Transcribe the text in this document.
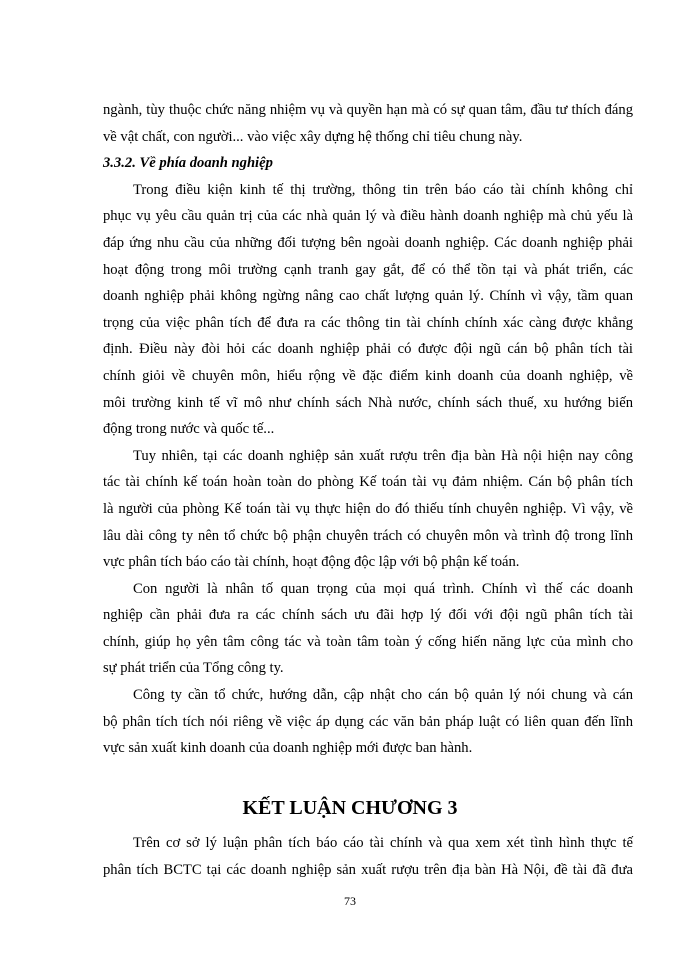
ngành, tùy thuộc chức năng nhiệm vụ và quyền hạn mà có sự quan tâm, đầu tư thích đáng
về vật chất, con người... vào việc xây dựng hệ thống chỉ tiêu chung này.
3.3.2. Về phía doanh nghiệp
Trong điều kiện kinh tế thị trường, thông tin trên báo cáo tài chính không chỉ
phục vụ yêu cầu quản trị của các nhà quản lý và điều hành doanh nghiệp mà chủ yếu là
đáp ứng nhu cầu của những đối tượng bên ngoài doanh nghiệp. Các doanh nghiệp phải
hoạt động trong môi trường cạnh tranh gay gắt, để có thể tồn tại và phát triển, các
doanh nghiệp phải không ngừng nâng cao chất lượng quản lý. Chính vì vậy, tầm quan
trọng của việc phân tích để đưa ra các thông tin tài chính chính xác càng được khẳng
định. Điều này đòi hỏi các doanh nghiệp phải có được đội ngũ cán bộ phân tích tài
chính giỏi về chuyên môn, hiểu rộng về đặc điểm kinh doanh của doanh nghiệp, về
môi trường kinh tế vĩ mô như chính sách Nhà nước, chính sách thuế, xu hướng biến
động trong nước và quốc tế...
Tuy nhiên, tại các doanh nghiệp sản xuất rượu trên địa bàn Hà nội hiện nay công
tác tài chính kế toán hoàn toàn do phòng Kế toán tài vụ đảm nhiệm. Cán bộ phân tích
là người của phòng Kế toán tài vụ thực hiện do đó thiếu tính chuyên nghiệp. Vì vậy, về
lâu dài công ty nên tổ chức bộ phận chuyên trách có chuyên môn và trình độ trong lĩnh
vực phân tích báo cáo tài chính, hoạt động độc lập với bộ phận kế toán.
Con người là nhân tố quan trọng của mọi quá trình. Chính vì thế các doanh
nghiệp cần phải đưa ra các chính sách ưu đãi hợp lý đối với đội ngũ phân tích tài
chính, giúp họ yên tâm công tác và toàn tâm toàn ý cống hiến năng lực của mình cho
sự phát triển của Tổng công ty.
Công ty cần tổ chức, hướng dẫn, cập nhật cho cán bộ quản lý nói chung và cán
bộ phân tích tích nói riêng về việc áp dụng các văn bản pháp luật có liên quan đến lĩnh
vực sản xuất kinh doanh của doanh nghiệp mới được ban hành.
KẾT LUẬN CHƯƠNG 3
Trên cơ sở lý luận phân tích báo cáo tài chính và qua xem xét tình hình thực tế
phân tích BCTC tại các doanh nghiệp sản xuất rượu trên địa bàn Hà Nội, đề tài đã đưa
73
